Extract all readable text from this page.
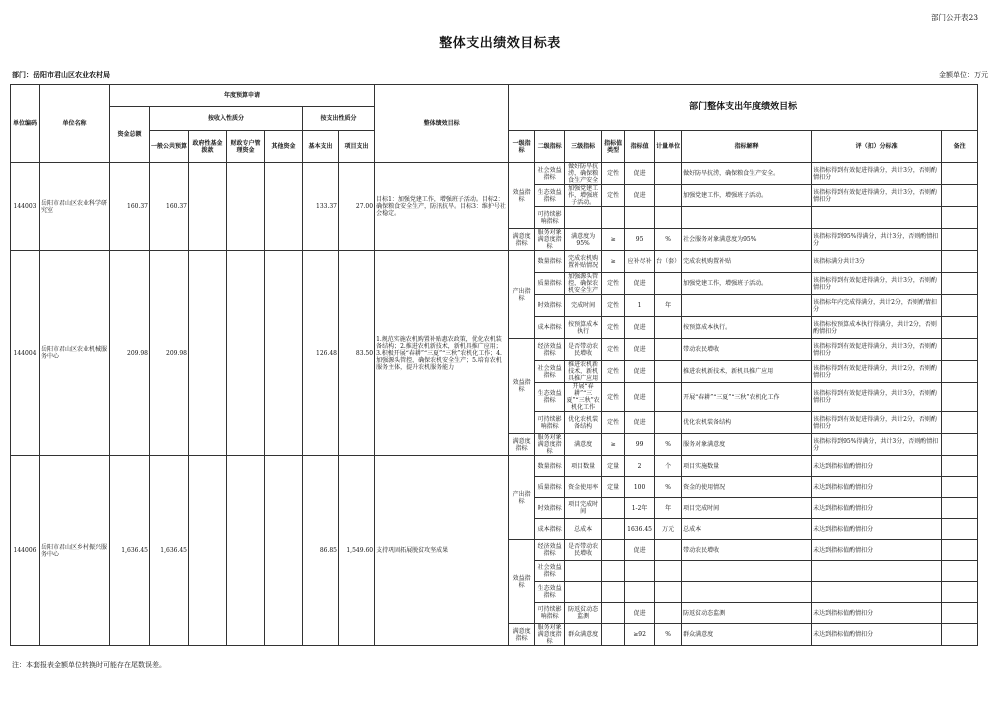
部门公开表23
整体支出绩效目标表
部门：岳阳市君山区农业农村局	金额单位：万元
单位编码	单位名称	年度预算申请							整体绩效目标	部门整体支出年度绩效目标								
		资金总额	按收入性质分				按支出性质分											
			一般公共预算	政府性基金拨款	财政专户管理资金	其他资金	基本支出	项目支出		一级指标	二级指标	三级指标	指标值类型	指标值	计量单位	指标解释	评（扣）分标准	备注
144003	岳阳市君山区农业科学研究室	160.37	160.37				133.37	27.00	目标1：加强党建工作，增强班子活动。目标2：确保粮食安全生产，防汛抗旱。目标3：维护号社会稳定。	效益指标	社会效益指标	做好防旱抗涝，确保粮食生产安全	定性	促进		做好防旱抗涝，确保粮食生产安全。	该指标得到有效促进得满分，共计3分，否则酌情扣分	
											生态效益指标	加强党建工作，增强班子活动。	定性	促进		加强党建工作，增强班子活动。	该指标得到有效促进得满分，共计3分，否则酌情扣分	
											可持续影响指标							
										满意度指标	服务对象满意度指标	满意度为95%	≥	95	%	社会服务对象满意度为95%	该指标得到95%得满分，共计3分，否则酌情扣分	
144004	岳阳市君山区农业机械服务中心	209.98	209.98				126.48	83.50	1.规范实施农机购置补贴惠农政策，优化农机装备结构；2.推进农机新技术，新机具推广应用；3.积极开展“春耕”“三夏”“三秋”农机化工作；4.加强源头管控，确保农机安全生产；5.培育农机服务主体，提升农机服务能力	产出指标	数量指标	完成农机购置补贴情况	≥	应补尽补	台（套）	完成农机购置补贴	该指标满分共计3分	
											质量指标	加强源头管控，确保农机安全生产	定性	促进		加强党建工作，增强班子活动。	该指标得到有效促进得满分，共计3分，否则酌情扣分	
											时效指标	完成时间	定性	1	年		该指标年内完成得满分，共计2分，否则酌情扣分	
											成本指标	按预算成本执行	定性	促进		按预算成本执行。	该指标按预算成本执行得满分，共计2分，否则酌情扣分	
										效益指标	经济效益指标	是否带动农民增收	定性	促进		带动农民增收	该指标得到有效促进得满分，共计3分，否则酌情扣分	
											社会效益指标	推进农机新技术，新机具推广应用	定性	促进		推进农机新技术，新机具推广应用	该指标得到有效促进得满分，共计2分，否则酌情扣分	
											生态效益指标	开展“春耕”“三夏”“三秋”农机化工作	定性	促进		开展“春耕”“三夏”“三秋”农机化工作	该指标得到有效促进得满分，共计3分，否则酌情扣分	
											可持续影响指标	优化农机装备结构	定性	促进		优化农机装备结构	该指标得到有效促进得满分，共计2分，否则酌情扣分	
										满意度指标	服务对象满意度指标	满意度	≥	99	%	服务对象满意度	该指标得到95%得满分，共计3分，否则酌情扣分	
144006	岳阳市君山区乡村振兴服务中心	1,636.45	1,636.45				86.85	1,549.60	支持巩固拓展脱贫攻坚成果	产出指标	数量指标	项目数量	定量	2	个	项目实施数量	未达到指标值酌情扣分	
											质量指标	资金使用率	定量	100	%	资金的使用情况	未达到指标值酌情扣分	
											时效指标	项目完成时间		1-2年	年	项目完成时间	未达到指标值酌情扣分	
											成本指标	总成本		1636.45	万元	总成本	未达到指标值酌情扣分	
										效益指标	经济效益指标	是否带动农民增收		促进		带动农民增收	未达到指标值酌情扣分	
											社会效益指标							
											生态效益指标							
											可持续影响指标	防返贫动态监测		促进		防返贫动态监测	未达到指标值酌情扣分	
										满意度指标	服务对象满意度指标	群众满意度		≥92	%	群众满意度	未达到指标值酌情扣分	
注：本套报表金额单位转换时可能存在尾数误差。
